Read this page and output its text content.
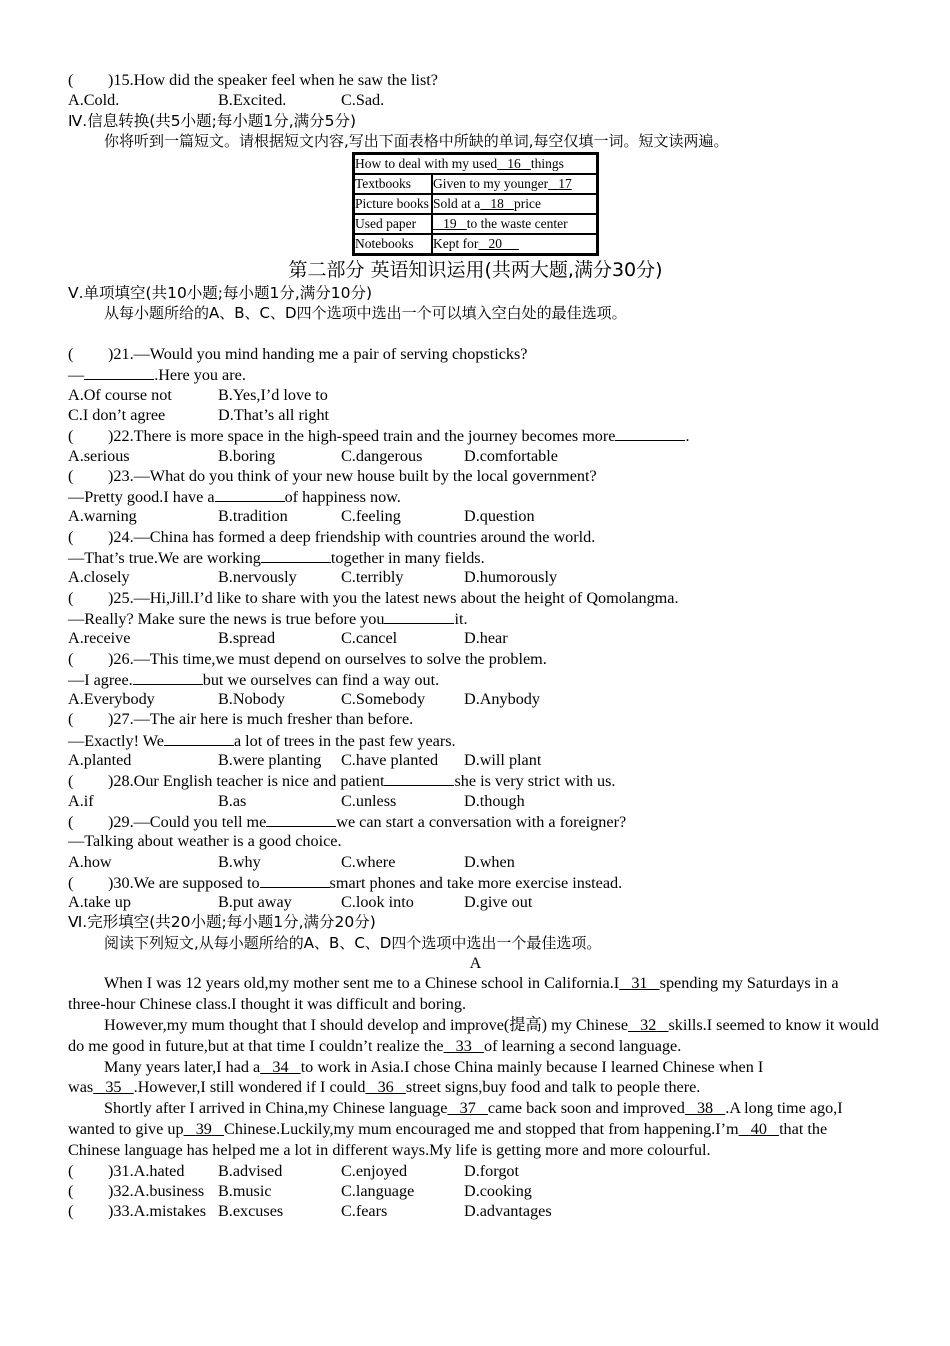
( )15.How did the speaker feel when he saw the list?
A.Cold.	B.Excited.	C.Sad.
Ⅳ.信息转换(共5小题;每小题1分,满分5分)
你将听到一篇短文。请根据短文内容,写出下面表格中所缺的单词,每空仅填一词。短文读两遍。
How to deal with my used 16 things	
Textbooks	Given to my younger 17
Picture books	Sold at a 18 price
Used paper	19 to the waste center
Notebooks	Kept for 20
第二部分 英语知识运用(共两大题,满分30分)
Ⅴ.单项填空(共10小题;每小题1分,满分10分)
从每小题所给的A、B、C、D四个选项中选出一个可以填入空白处的最佳选项。
( )21.—Would you mind handing me a pair of serving chopsticks?
—	.Here you are.
A.Of course not	B.Yes,I’d love to
C.I don’t agree	D.That’s all right
( )22.There is more space in the high‑speed train and the journey becomes more	.
A.serious	B.boring	C.dangerous	D.comfortable
( )23.—What do you think of your new house built by the local government?
—Pretty good.I have a	of happiness now.
A.warning	B.tradition	C.feeling	D.question
( )24.—China has formed a deep friendship with countries around the world.
—That’s true.We are working	together in many fields.
A.closely	B.nervously	C.terribly	D.humorously
( )25.—Hi,Jill.I’d like to share with you the latest news about the height of Qomolangma.
—Really? Make sure the news is true before you	it.
A.receive	B.spread	C.cancel	D.hear
( )26.—This time,we must depend on ourselves to solve the problem.
—I agree.	but we ourselves can find a way out.
A.Everybody	B.Nobody	C.Somebody D.Anybody
( )27.—The air here is much fresher than before.
—Exactly! We	a lot of trees in the past few years.
A.planted	B.were planting C.have planted D.will plant
( )28.Our English teacher is nice and patient	she is very strict with us.
A.if	B.as	C.unless	D.though
( )29.—Could you tell me	we can start a conversation with a foreigner?
—Talking about weather is a good choice.
A.how	B.why	C.where	D.when
( )30.We are supposed to	smart phones and take more exercise instead.
A.take up	B.put away	C.look into	D.give out
Ⅵ.完形填空(共20小题;每小题1分,满分20分)
阅读下列短文,从每小题所给的A、B、C、D四个选项中选出一个最佳选项。
A
When I was 12 years old,my mother sent me to a Chinese school in California.I 31 spending my Saturdays in a three‑hour Chinese class.I thought it was difficult and boring.
However,my mum thought that I should develop and improve(提高) my Chinese 32 skills.I seemed to know it would do me good in future,but at that time I couldn’t realize the 33 of learning a second language.
Many years later,I had a 34 to work in Asia.I chose China mainly because I learned Chinese when I was 35 .However,I still wondered if I could 36 street signs,buy food and talk to people there.
Shortly after I arrived in China,my Chinese language 37 came back soon and improved 38 .A long time ago,I wanted to give up 39 Chinese.Luckily,my mum encouraged me and stopped that from happening.I’m 40 that the Chinese language has helped me a lot in different ways.My life is getting more and more colourful.
( )31.A.hated B.advised	C.enjoyed	D.forgot
( )32.A.business B.music	C.language	D.cooking
( )33.A.mistakes B.excuses	C.fears	D.advantages
